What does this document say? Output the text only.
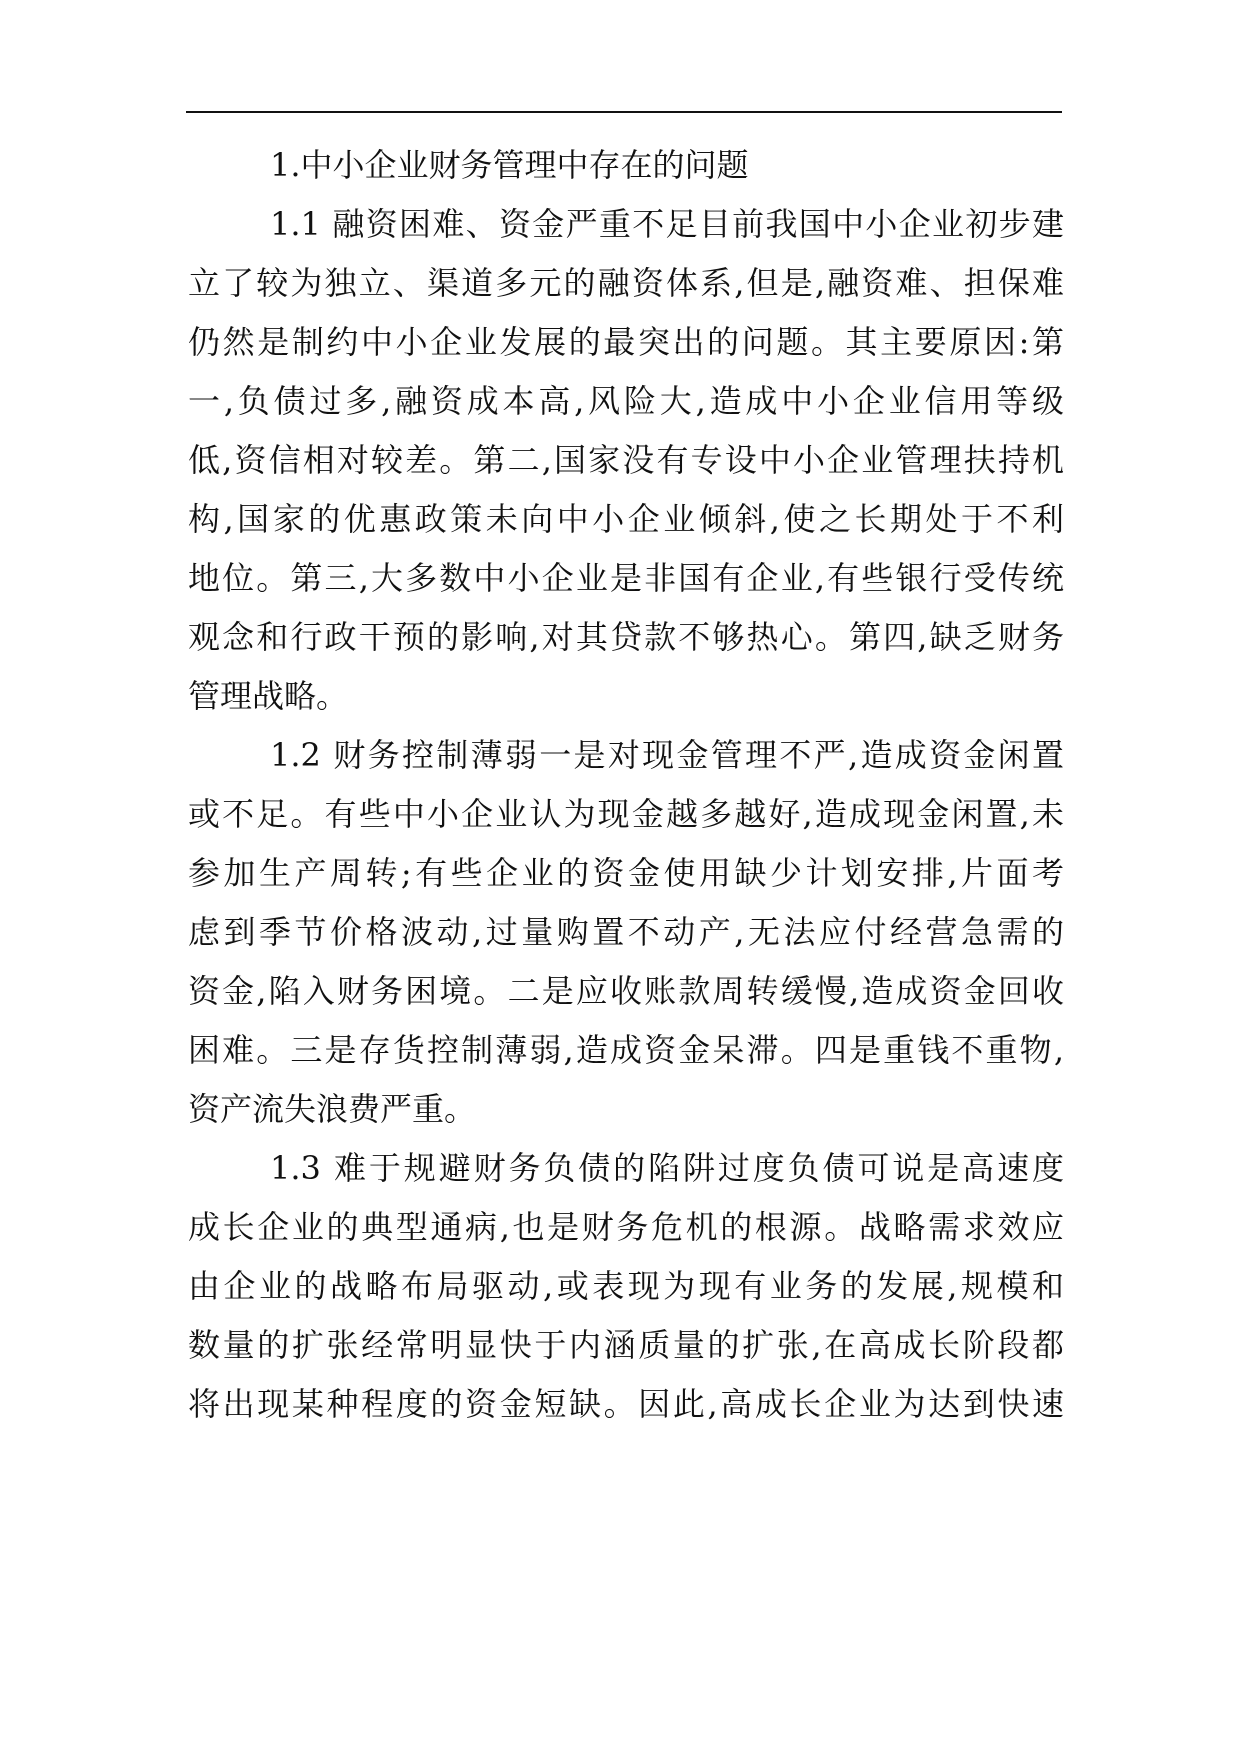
1.中小企业财务管理中存在的问题
1.1 融资困难、资金严重不足目前我国中小企业初步建
立了较为独立、渠道多元的融资体系,但是,融资难、担保难
仍然是制约中小企业发展的最突出的问题。其主要原因:第
一,负债过多,融资成本高,风险大,造成中小企业信用等级
低,资信相对较差。第二,国家没有专设中小企业管理扶持机
构,国家的优惠政策未向中小企业倾斜,使之长期处于不利
地位。第三,大多数中小企业是非国有企业,有些银行受传统
观念和行政干预的影响,对其贷款不够热心。第四,缺乏财务
管理战略。
1.2 财务控制薄弱一是对现金管理不严,造成资金闲置
或不足。有些中小企业认为现金越多越好,造成现金闲置,未
参加生产周转;有些企业的资金使用缺少计划安排,片面考
虑到季节价格波动,过量购置不动产,无法应付经营急需的
资金,陷入财务困境。二是应收账款周转缓慢,造成资金回收
困难。三是存货控制薄弱,造成资金呆滞。四是重钱不重物,
资产流失浪费严重。
1.3 难于规避财务负债的陷阱过度负债可说是高速度
成长企业的典型通病,也是财务危机的根源。战略需求效应
由企业的战略布局驱动,或表现为现有业务的发展,规模和
数量的扩张经常明显快于内涵质量的扩张,在高成长阶段都
将出现某种程度的资金短缺。因此,高成长企业为达到快速
